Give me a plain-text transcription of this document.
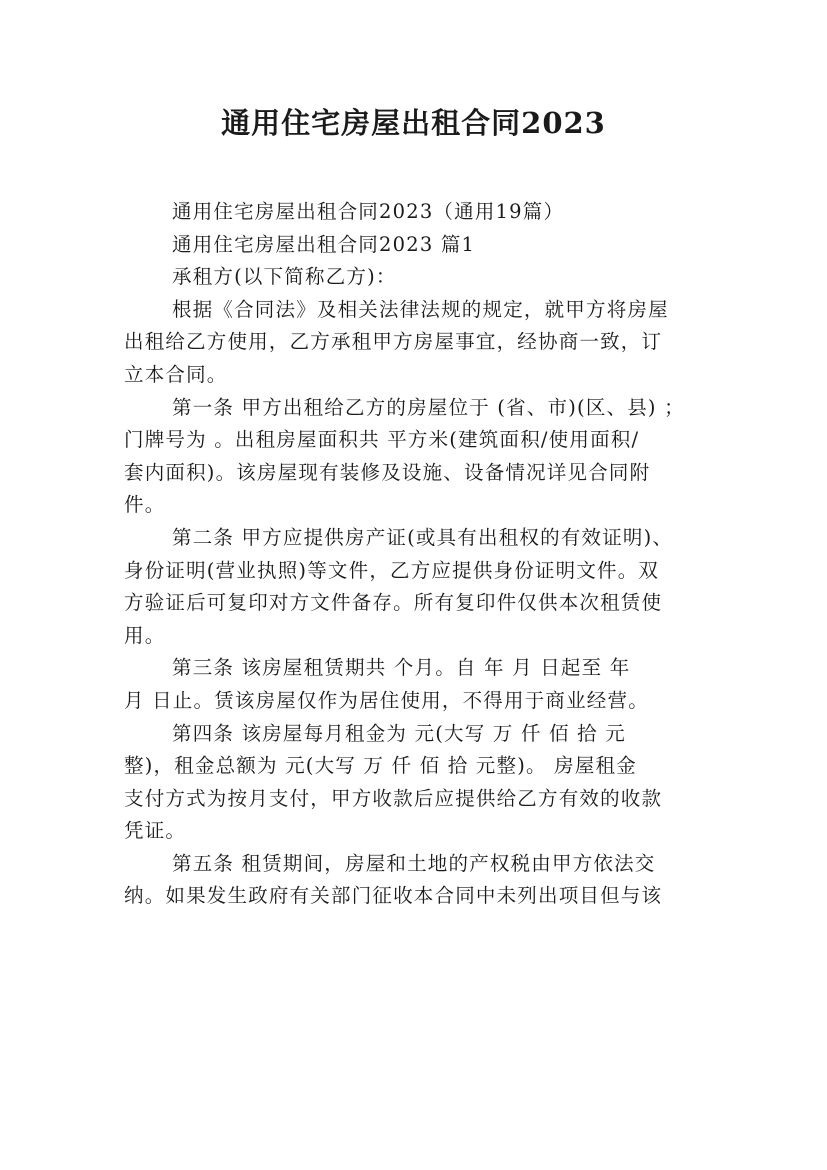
通用住宅房屋出租合同2023

通用住宅房屋出租合同2023（通用19篇）

通用住宅房屋出租合同2023 篇1

承租方(以下简称乙方)：

根据《合同法》及相关法律法规的规定，就甲方将房屋
出租给乙方使用，乙方承租甲方房屋事宜，经协商一致，订
立本合同。

第一条 甲方出租给乙方的房屋位于 (省、市)(区、县) ；
门牌号为 。出租房屋面积共 平方米(建筑面积/使用面积/
套内面积)。该房屋现有装修及设施、设备情况详见合同附
件。

第二条 甲方应提供房产证(或具有出租权的有效证明)、
身份证明(营业执照)等文件，乙方应提供身份证明文件。双
方验证后可复印对方文件备存。所有复印件仅供本次租赁使
用。

第三条 该房屋租赁期共 个月。自 年 月 日起至 年
月 日止。赁该房屋仅作为居住使用，不得用于商业经营。

第四条 该房屋每月租金为 元(大写 万 仟 佰 拾 元
整)，租金总额为 元(大写 万 仟 佰 拾 元整)。 房屋租金
支付方式为按月支付，甲方收款后应提供给乙方有效的收款
凭证。

第五条 租赁期间，房屋和土地的产权税由甲方依法交
纳。如果发生政府有关部门征收本合同中未列出项目但与该
